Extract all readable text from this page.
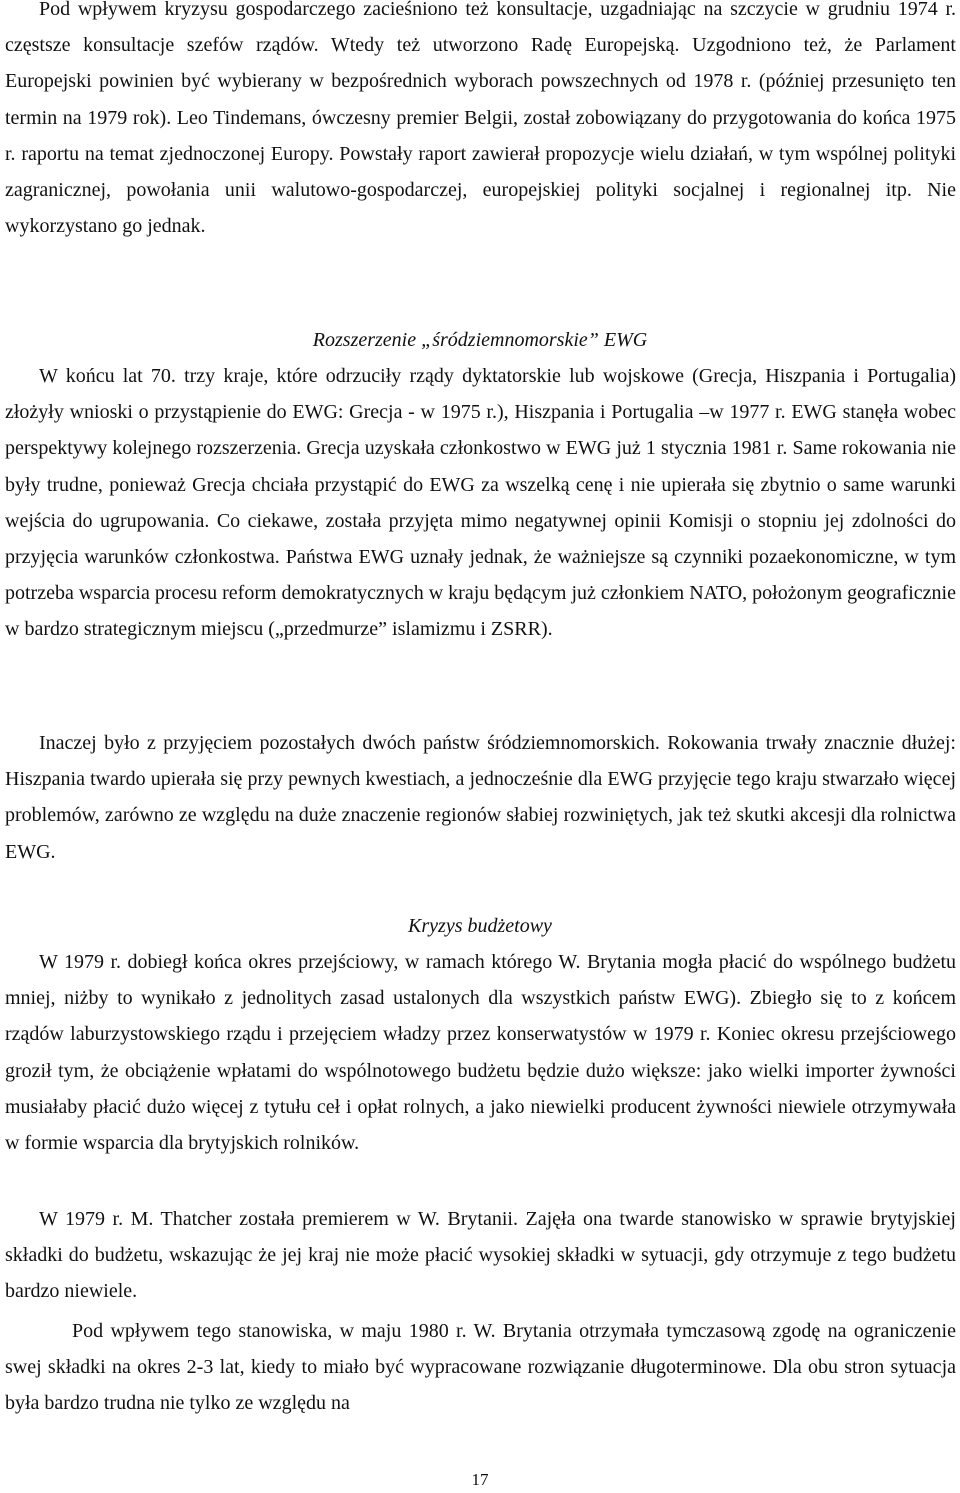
Pod wpływem kryzysu gospodarczego zacieśniono też konsultacje, uzgadniając na szczycie w grudniu 1974 r. częstsze konsultacje szefów rządów. Wtedy też utworzono Radę Europejską. Uzgodniono też, że Parlament Europejski powinien być wybierany w bezpośrednich wyborach powszechnych od 1978 r. (później przesunięto ten termin na 1979 rok). Leo Tindemans, ówczesny premier Belgii, został zobowiązany do przygotowania do końca 1975 r. raportu na temat zjednoczonej Europy. Powstały raport zawierał propozycje wielu działań, w tym wspólnej polityki zagranicznej, powołania unii walutowo-gospodarczej, europejskiej polityki socjalnej i regionalnej itp. Nie wykorzystano go jednak.

Rozszerzenie „śródziemnomorskie” EWG

W końcu lat 70. trzy kraje, które odrzuciły rządy dyktatorskie lub wojskowe (Grecja, Hiszpania i Portugalia) złożyły wnioski o przystąpienie do EWG: Grecja - w 1975 r.), Hiszpania i Portugalia –w 1977 r. EWG stanęła wobec perspektywy kolejnego rozszerzenia. Grecja uzyskała członkostwo w EWG już 1 stycznia 1981 r. Same rokowania nie były trudne, ponieważ Grecja chciała przystąpić do EWG za wszelką cenę i nie upierała się zbytnio o same warunki wejścia do ugrupowania. Co ciekawe, została przyjęta mimo negatywnej opinii Komisji o stopniu jej zdolności do przyjęcia warunków członkostwa. Państwa EWG uznały jednak, że ważniejsze są czynniki pozaekonomiczne, w tym potrzeba wsparcia procesu reform demokratycznych w kraju będącym już członkiem NATO, położonym geograficznie w bardzo strategicznym miejscu („przedmurze” islamizmu i ZSRR).

Inaczej było z przyjęciem pozostałych dwóch państw śródziemnomorskich. Rokowania trwały znacznie dłużej: Hiszpania twardo upierała się przy pewnych kwestiach, a jednocześnie dla EWG przyjęcie tego kraju stwarzało więcej problemów, zarówno ze względu na duże znaczenie regionów słabiej rozwiniętych, jak też skutki akcesji dla rolnictwa EWG.

Kryzys budżetowy

W 1979 r. dobiegł końca okres przejściowy, w ramach którego W. Brytania mogła płacić do wspólnego budżetu mniej, niżby to wynikało z jednolitych zasad ustalonych dla wszystkich państw EWG). Zbiegło się to z końcem rządów laburzystowskiego rządu i przejęciem władzy przez konserwatystów w 1979 r. Koniec okresu przejściowego groził tym, że obciążenie wpłatami do wspólnotowego budżetu będzie dużo większe: jako wielki importer żywności musiałaby płacić dużo więcej z tytułu ceł i opłat rolnych, a jako niewielki producent żywności niewiele otrzymywała w formie wsparcia dla brytyjskich rolników.

W 1979 r. M. Thatcher została premierem w W. Brytanii. Zajęła ona twarde stanowisko w sprawie brytyjskiej składki do budżetu, wskazując że jej kraj nie może płacić wysokiej składki w sytuacji, gdy otrzymuje z tego budżetu bardzo niewiele.

Pod wpływem tego stanowiska, w maju 1980 r. W. Brytania otrzymała tymczasową zgodę na ograniczenie swej składki na okres 2-3 lat, kiedy to miało być wypracowane rozwiązanie długoterminowe. Dla obu stron sytuacja była bardzo trudna nie tylko ze względu na

17
